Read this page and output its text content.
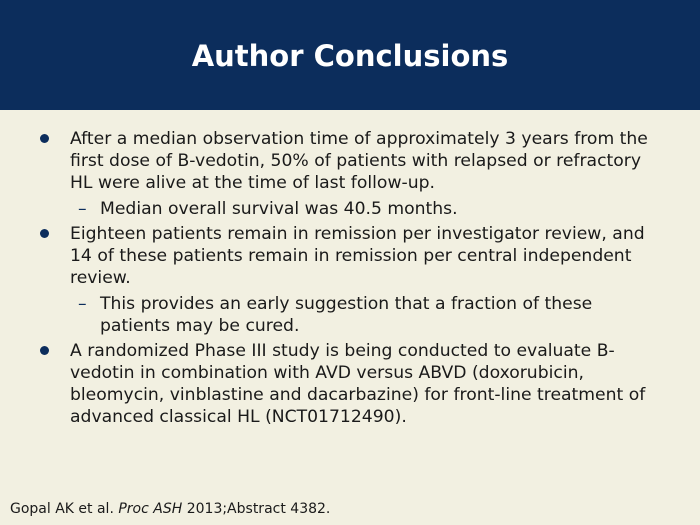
Author Conclusions
After a median observation time of approximately 3 years from the first dose of B-vedotin, 50% of patients with relapsed or refractory HL were alive at the time of last follow-up.
– Median overall survival was 40.5 months.
Eighteen patients remain in remission per investigator review, and 14 of these patients remain in remission per central independent review.
– This provides an early suggestion that a fraction of these patients may be cured.
A randomized Phase III study is being conducted to evaluate B-vedotin in combination with AVD versus ABVD (doxorubicin, bleomycin, vinblastine and dacarbazine) for front-line treatment of advanced classical HL (NCT01712490).
Gopal AK et al. Proc ASH 2013;Abstract 4382.
